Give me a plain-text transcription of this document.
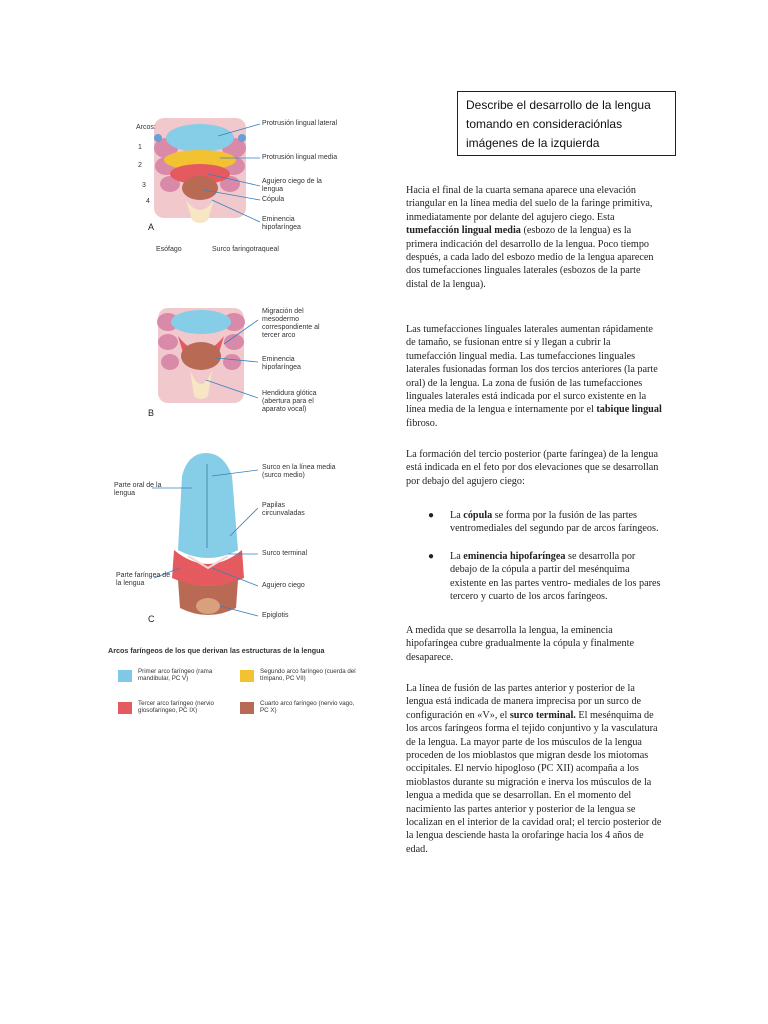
Arcos:
1
2
3
4
Protrusión lingual lateral
Protrusión lingual media
Agujero ciego de la lengua
Cópula
Eminencia hipofaríngea
A
Esófago	Surco faringotraqueal
Migración del mesodermo correspondiente al tercer arco
Eminencia hipofaríngea
Hendidura glótica (abertura para el aparato vocal)
B
Surco en la línea media (surco medio)
Parte oral de la lengua
Papilas circunvaladas
Surco terminal
Parte faríngea de la lengua	Agujero ciego
Epiglotis
C
Arcos faríngeos de los que derivan las estructuras de la lengua
Primer arco faríngeo (rama mandibular, PC V)
Segundo arco faríngeo (cuerda del tímpano, PC VII)
Tercer arco faríngeo (nervio glosofaríngeo, PC IX)
Cuarto arco faríngeo (nervio vago, PC X)
Describe el desarrollo de la lengua tomando en consideraciónlas imágenes de la izquierda

Hacia el final de la cuarta semana aparece una elevación triangular en la línea media del suelo de la faringe primitiva, inmediatamente por delante del agujero ciego. Esta tumefacción lingual media (esbozo de la lengua) es la primera indicación del desarrollo de la lengua. Poco tiempo después, a cada lado del esbozo medio de la lengua aparecen dos tumefacciones linguales laterales (esbozos de la parte distal de la lengua).

Las tumefacciones linguales laterales aumentan rápidamente de tamaño, se fusionan entre sí y llegan a cubrir la tumefacción lingual media. Las tumefacciones linguales laterales fusionadas forman los dos tercios anteriores (la parte oral) de la lengua. La zona de fusión de las tumefacciones linguales laterales está indicada por el surco existente en la línea media de la lengua e internamente por el tabique lingual fibroso.

La formación del tercio posterior (parte faríngea) de la lengua está indicada en el feto por dos elevaciones que se desarrollan por debajo del agujero ciego:

●	La cópula se forma por la fusión de las partes ventromediales del segundo par de arcos faríngeos.
●	La eminencia hipofaríngea se desarrolla por debajo de la cópula a partir del mesénquima existente en las partes ventro- mediales de los pares tercero y cuarto de los arcos faríngeos.

A medida que se desarrolla la lengua, la eminencia hipofaríngea cubre gradualmente la cópula y finalmente desaparece.

La línea de fusión de las partes anterior y posterior de la lengua está indicada de manera imprecisa por un surco de configuración en «V», el surco terminal. El mesénquima de los arcos faríngeos forma el tejido conjuntivo y la vasculatura de la lengua. La mayor parte de los músculos de la lengua proceden de los mioblastos que migran desde los miotomas occipitales. El nervio hipogloso (PC XII) acompaña a los mioblastos durante su migración e inerva los músculos de la lengua a medida que se desarrollan. En el momento del nacimiento las partes anterior y posterior de la lengua se localizan en el interior de la cavidad oral; el tercio posterior de la lengua desciende hasta la orofaringe hacia los 4 años de edad.
